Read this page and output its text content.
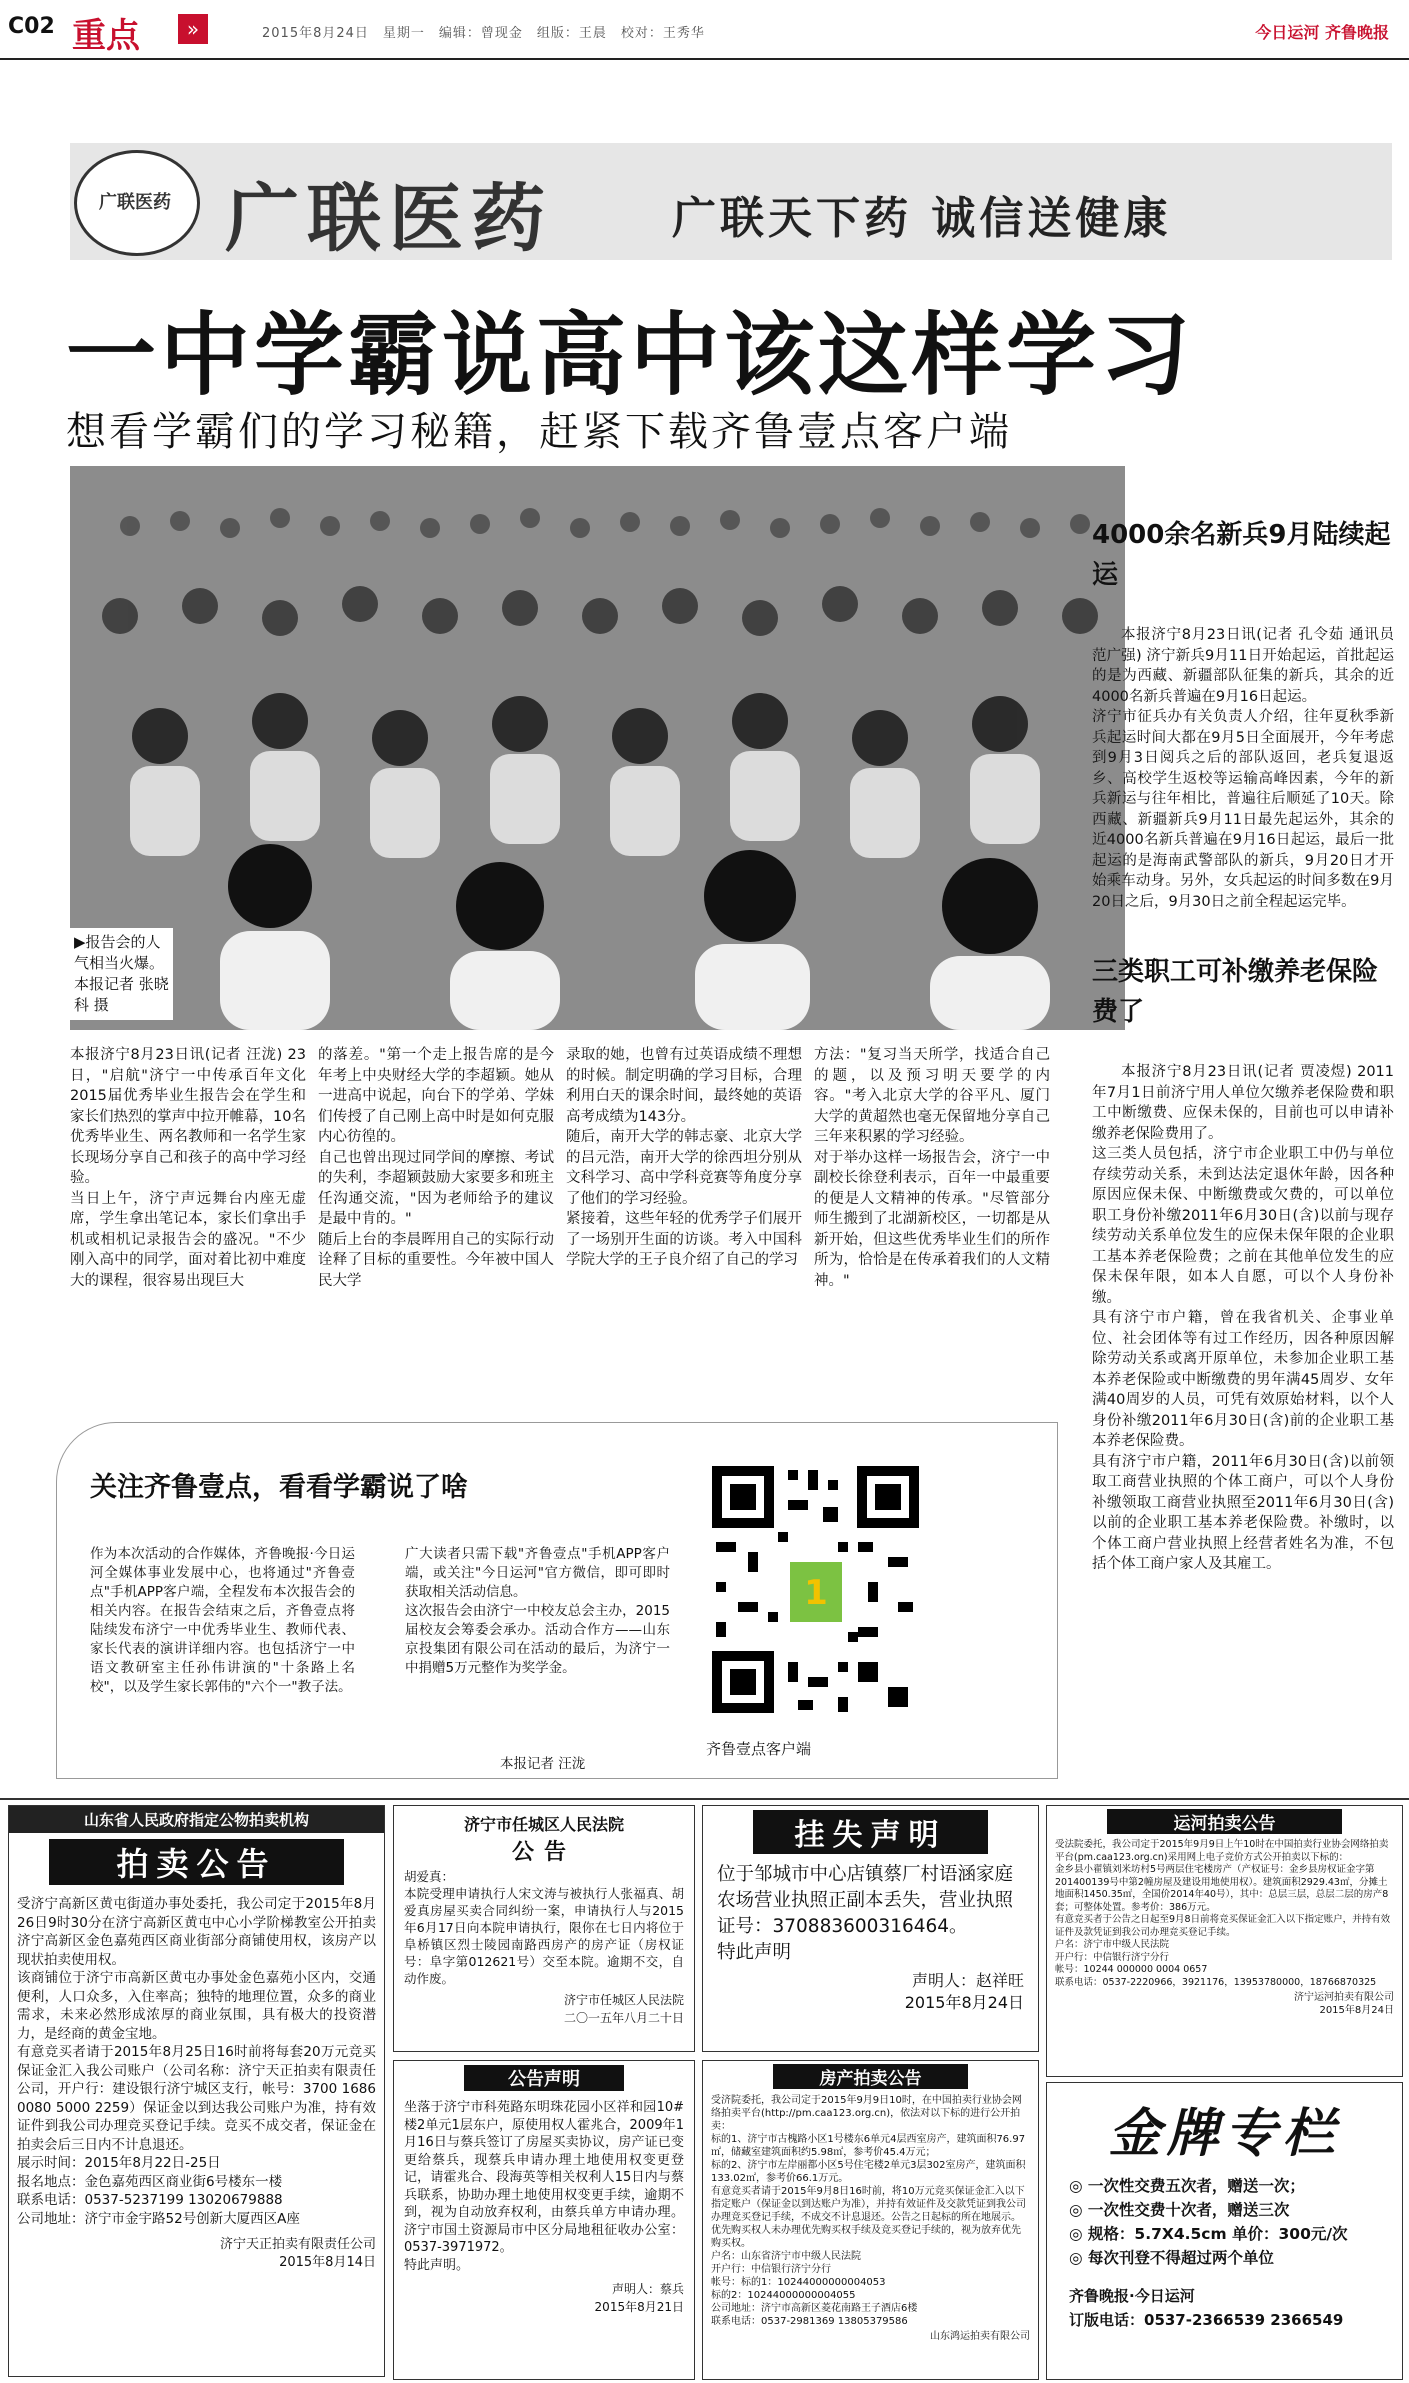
C02 重点	»	2015年8月24日　星期一　编辑：曾现金　组版：王晨　校对：王秀华	今日运河 齐鲁晚报
广联医药 广联医药	广联天下药 诚信送健康
一中学霸说高中该这样学习
想看学霸们的学习秘籍，赶紧下载齐鲁壹点客户端
▶报告会的人气相当火爆。本报记者 张晓科 摄
本报济宁8月23日讯(记者 汪泷) 23日，"启航"济宁一中传承百年文化2015届优秀毕业生报告会在学生和家长们热烈的掌声中拉开帷幕，10名优秀毕业生、两名教师和一名学生家长现场分享自己和孩子的高中学习经验。
当日上午，济宁声远舞台内座无虚席，学生拿出笔记本，家长们拿出手机或相机记录报告会的盛况。"不少刚入高中的同学，面对着比初中难度大的课程，很容易出现巨大
的落差。"第一个走上报告席的是今年考上中央财经大学的李超颖。她从一进高中说起，向台下的学弟、学妹们传授了自己刚上高中时是如何克服内心彷徨的。
自己也曾出现过同学间的摩擦、考试的失利，李超颖鼓励大家要多和班主任沟通交流，"因为老师给予的建议是最中肯的。"
随后上台的李晨晖用自己的实际行动诠释了目标的重要性。今年被中国人民大学
录取的她，也曾有过英语成绩不理想的时候。制定明确的学习目标，合理利用白天的课余时间，最终她的英语高考成绩为143分。
随后，南开大学的韩志豪、北京大学的吕元浩，南开大学的徐西坦分别从文科学习、高中学科竞赛等角度分享了他们的学习经验。
紧接着，这些年轻的优秀学子们展开了一场别开生面的访谈。考入中国科学院大学的王子良介绍了自己的学习
方法："复习当天所学，找适合自己的题，以及预习明天要学的内容。"考入北京大学的谷平凡、厦门大学的黄超然也毫无保留地分享自己三年来积累的学习经验。
对于举办这样一场报告会，济宁一中副校长徐登利表示，百年一中最重要的便是人文精神的传承。"尽管部分师生搬到了北湖新校区，一切都是从新开始，但这些优秀毕业生们的所作所为，恰恰是在传承着我们的人文精神。"
4000余名新兵9月陆续起运
本报济宁8月23日讯(记者 孔令茹 通讯员 范广强) 济宁新兵9月11日开始起运，首批起运的是为西藏、新疆部队征集的新兵，其余的近4000名新兵普遍在9月16日起运。
济宁市征兵办有关负责人介绍，往年夏秋季新兵起运时间大都在9月5日全面展开，今年考虑到9月3日阅兵之后的部队返回，老兵复退返乡、高校学生返校等运输高峰因素，今年的新兵新运与往年相比，普遍往后顺延了10天。除西藏、新疆新兵9月11日最先起运外，其余的近4000名新兵普遍在9月16日起运，最后一批起运的是海南武警部队的新兵，9月20日才开始乘车动身。另外，女兵起运的时间多数在9月20日之后，9月30日之前全程起运完毕。
三类职工可补缴养老保险费了
本报济宁8月23日讯(记者 贾凌煜) 2011年7月1日前济宁用人单位欠缴养老保险费和职工中断缴费、应保未保的，目前也可以申请补缴养老保险费用了。
这三类人员包括，济宁市企业职工中仍与单位存续劳动关系，未到达法定退休年龄，因各种原因应保未保、中断缴费或欠费的，可以单位职工身份补缴2011年6月30日(含)以前与现存续劳动关系单位发生的应保未保年限的企业职工基本养老保险费；之前在其他单位发生的应保未保年限，如本人自愿，可以个人身份补缴。
具有济宁市户籍，曾在我省机关、企事业单位、社会团体等有过工作经历，因各种原因解除劳动关系或离开原单位，未参加企业职工基本养老保险或中断缴费的男年满45周岁、女年满40周岁的人员，可凭有效原始材料，以个人身份补缴2011年6月30日(含)前的企业职工基本养老保险费。
具有济宁市户籍，2011年6月30日(含)以前领取工商营业执照的个体工商户，可以个人身份补缴领取工商营业执照至2011年6月30日(含)以前的企业职工基本养老保险费。补缴时，以个体工商户营业执照上经营者姓名为准，不包括个体工商户家人及其雇工。
关注齐鲁壹点，看看学霸说了啥
作为本次活动的合作媒体，齐鲁晚报·今日运河全媒体事业发展中心，也将通过"齐鲁壹点"手机APP客户端，全程发布本次报告会的相关内容。在报告会结束之后，齐鲁壹点将陆续发布济宁一中优秀毕业生、教师代表、家长代表的演讲详细内容。也包括济宁一中语文教研室主任孙伟讲演的"十条路上名校"，以及学生家长郭伟的"六个一"教子法。
广大读者只需下载"齐鲁壹点"手机APP客户端，或关注"今日运河"官方微信，即可即时获取相关活动信息。
这次报告会由济宁一中校友总会主办，2015届校友会筹委会承办。活动合作方——山东京投集团有限公司在活动的最后，为济宁一中捐赠5万元整作为奖学金。
本报记者 汪泷
1
齐鲁壹点客户端
山东省人民政府指定公物拍卖机构
拍卖公告
受济宁高新区黄屯街道办事处委托，我公司定于2015年8月26日9时30分在济宁高新区黄屯中心小学阶梯教室公开拍卖济宁高新区金色嘉苑西区商业街部分商铺使用权，该房产以现状拍卖使用权。
该商铺位于济宁市高新区黄屯办事处金色嘉苑小区内，交通便利，人口众多，入住率高；独特的地理位置，众多的商业需求，未来必然形成浓厚的商业氛围，具有极大的投资潜力，是经商的黄金宝地。
有意竞买者请于2015年8月25日16时前将每套20万元竞买保证金汇入我公司账户（公司名称：济宁天正拍卖有限责任公司，开户行：建设银行济宁城区支行，帐号：3700 1686 0080 5000 2259）保证金以到达我公司账户为准，持有效证件到我公司办理竞买登记手续。竞买不成交者，保证金在拍卖会后三日内不计息退还。
展示时间：2015年8月22日-25日
报名地点：金色嘉苑西区商业街6号楼东一楼
联系电话：0537-5237199 13020679888
公司地址：济宁市金宇路52号创新大厦西区A座
济宁天正拍卖有限责任公司
2015年8月14日
济宁市任城区人民法院
公告
胡爱真：
本院受理申请执行人宋文涛与被执行人张福真、胡爱真房屋买卖合同纠纷一案，申请执行人与2015年6月17日向本院申请执行，限你在七日内将位于阜桥镇区烈士陵园南路西房产的房产证（房权证号：阜字第012621号）交至本院。逾期不交，自动作废。
济宁市任城区人民法院
二〇一五年八月二十日
挂失声明
位于邹城市中心店镇蔡厂村语涵家庭农场营业执照正副本丢失，营业执照证号：370883600316464。
特此声明
声明人：赵祥旺
2015年8月24日
公告声明
坐落于济宁市科苑路东明珠花园小区祥和园10#楼2单元1层东户，原使用权人霍兆合，2009年1月16日与蔡兵签订了房屋买卖协议，房产证已变更给蔡兵，现蔡兵申请办理土地使用权变更登记，请霍兆合、段海英等相关权利人15日内与蔡兵联系，协助办理土地使用权变更手续，逾期不到，视为自动放弃权利，由蔡兵单方申请办理。济宁市国土资源局市中区分局地租征收办公室：0537-3971972。
特此声明。
声明人：蔡兵
2015年8月21日
房产拍卖公告
受济院委托，我公司定于2015年9月9日10时，在中国拍卖行业协会网络拍卖平台(http://pm.caa123.org.cn)，依法对以下标的进行公开拍卖：
标的1、济宁市古槐路小区1号楼东6单元4层西室房产，建筑面积76.97㎡，储藏室建筑面积约5.98㎡，参考价45.4万元；
标的2、济宁市左岸丽都小区5号住宅楼2单元3层302室房产，建筑面积133.02㎡，参考价66.1万元。
有意竞买者请于2015年9月8日16时前，将10万元竞买保证金汇入以下指定账户（保证金以到达账户为准），并持有效证件及交款凭证到我公司办理竞买登记手续，不成交不计息退还。公告之日起标的所在地展示。
优先购买权人未办理优先购买权手续及竞买登记手续的，视为放弃优先购买权。
户名：山东省济宁市中级人民法院
开户行：中信银行济宁分行
帐号：标的1：10244000000004053
标的2：10244000000004055
公司地址：济宁市高新区菱花南路王子酒店6楼
联系电话：0537-2981369 13805379586
山东鸿运拍卖有限公司
运河拍卖公告
受法院委托，我公司定于2015年9月9日上午10时在中国拍卖行业协会网络拍卖平台(pm.caa123.org.cn)采用网上电子竞价方式公开拍卖以下标的：
金乡县小翟镇刘米坊村5号两层住宅楼房产（产权证号：金乡县房权证金字第201400139号中第2幢房屋及建设用地使用权）。建筑面积2929.43㎡，分摊土地面积1450.35㎡，全国价2014年40号），其中：总层三层，总层二层的房产8套；可整体处置。参考价：386万元。
有意竞买者于公告之日起至9月8日前将竞买保证金汇入以下指定账户，并持有效证件及款凭证到我公司办理竞买登记手续。
户名：济宁市中级人民法院
开户行：中信银行济宁分行
帐号：10244 000000 0004 0657
联系电话：0537-2220966，3921176，13953780000，18766870325
济宁运河拍卖有限公司
2015年8月24日
金牌专栏
◎ 一次性交费五次者，赠送一次；
◎ 一次性交费十次者，赠送三次
◎ 规格：5.7X4.5cm 单价：300元/次
◎ 每次刊登不得超过两个单位
齐鲁晚报·今日运河
订版电话：0537-2366539 2366549
